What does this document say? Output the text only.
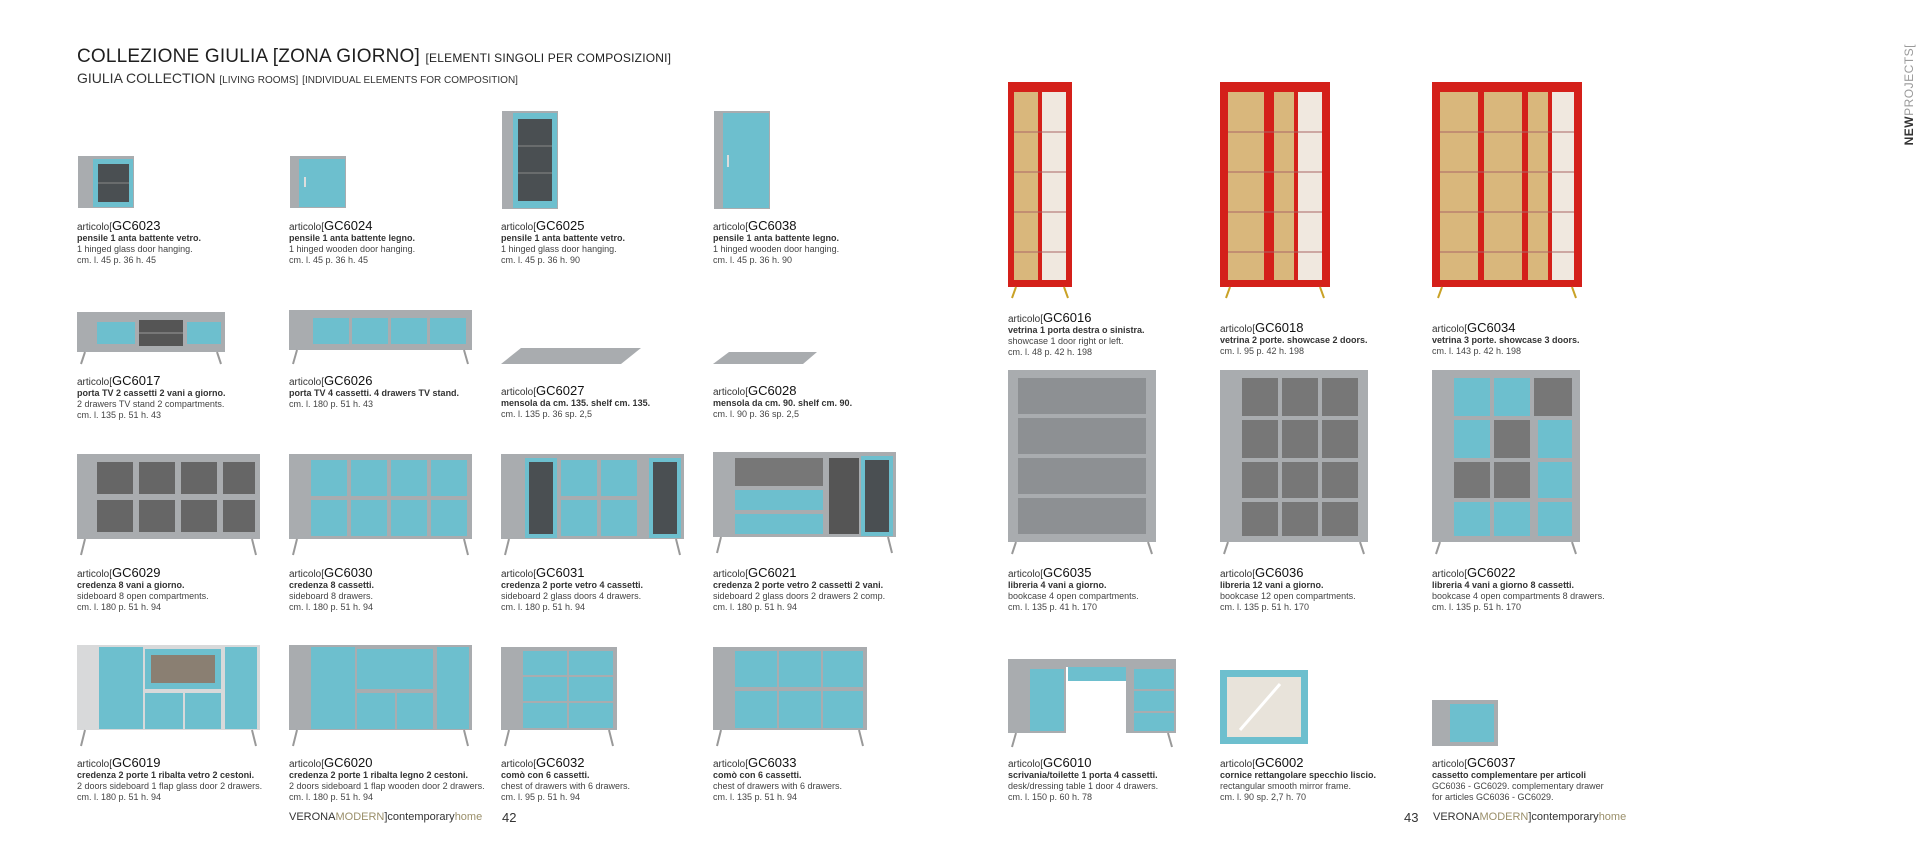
COLLEZIONE GIULIA [ZONA GIORNO] [ELEMENTI SINGOLI PER COMPOSIZIONI]
GIULIA COLLECTION [LIVING ROOMS] [INDIVIDUAL ELEMENTS FOR COMPOSITION]
NEWPROJECTS[
articolo[GC6023
pensile 1 anta battente vetro.
1 hinged glass door hanging.
cm. l. 45 p. 36 h. 45
articolo[GC6024
pensile 1 anta battente legno.
1 hinged wooden door hanging.
cm. l. 45 p. 36 h. 45
articolo[GC6025
pensile 1 anta battente vetro.
1 hinged glass door hanging.
cm. l. 45 p. 36 h. 90
articolo[GC6038
pensile 1 anta battente legno.
1 hinged wooden door hanging.
cm. l. 45 p. 36 h. 90
articolo[GC6017
porta TV 2 cassetti 2 vani a giorno.
2 drawers TV stand 2 compartments.
cm. l. 135 p. 51 h. 43
articolo[GC6026
porta TV 4 cassetti. 4 drawers TV stand.
cm. l. 180 p. 51 h. 43
articolo[GC6027
mensola da cm. 135. shelf cm. 135.
cm. l. 135 p. 36 sp. 2,5
articolo[GC6028
mensola da cm. 90. shelf cm. 90.
cm. l. 90 p. 36 sp. 2,5
articolo[GC6029
credenza 8 vani a giorno.
sideboard 8 open compartments.
cm. l. 180 p. 51 h. 94
articolo[GC6030
credenza 8 cassetti.
sideboard 8 drawers.
cm. l. 180 p. 51 h. 94
articolo[GC6031
credenza 2 porte vetro 4 cassetti.
sideboard 2 glass doors 4 drawers.
cm. l. 180 p. 51 h. 94
articolo[GC6021
credenza 2 porte vetro 2 cassetti 2 vani.
sideboard 2 glass doors 2 drawers 2 comp.
cm. l. 180 p. 51 h. 94
articolo[GC6019
credenza 2 porte 1 ribalta vetro 2 cestoni.
2 doors sideboard 1 flap glass door 2 drawers.
cm. l. 180 p. 51 h. 94
articolo[GC6020
credenza 2 porte 1 ribalta legno 2 cestoni.
2 doors sideboard 1 flap wooden door 2 drawers.
cm. l. 180 p. 51 h. 94
articolo[GC6032
comò con 6 cassetti.
chest of drawers with 6 drawers.
cm. l. 95 p. 51 h. 94
articolo[GC6033
comò con 6 cassetti.
chest of drawers with 6 drawers.
cm. l. 135 p. 51 h. 94
articolo[GC6016
vetrina 1 porta destra o sinistra.
showcase 1 door right or left.
cm. l. 48 p. 42 h. 198
articolo[GC6018
vetrina 2 porte. showcase 2 doors.
cm. l. 95 p. 42 h. 198
articolo[GC6034
vetrina 3 porte. showcase 3 doors.
cm. l. 143 p. 42 h. 198
articolo[GC6035
libreria 4 vani a giorno.
bookcase 4 open compartments.
cm. l. 135 p. 41 h. 170
articolo[GC6036
libreria 12 vani a giorno.
bookcase 12 open compartments.
cm. l. 135 p. 51 h. 170
articolo[GC6022
libreria 4 vani a giorno 8 cassetti.
bookcase 4 open compartments 8 drawers.
cm. l. 135 p. 51 h. 170
articolo[GC6010
scrivania/toilette 1 porta 4 cassetti.
desk/dressing table 1 door 4 drawers.
cm. l. 150 p. 60 h. 78
articolo[GC6002
cornice rettangolare specchio liscio.
rectangular smooth mirror frame.
cm. l. 90 sp. 2,7 h. 70
articolo[GC6037
cassetto complementare per articoli
GC6036 - GC6029. complementary drawer
for articles GC6036 - GC6029.
VERONAMODERN]contemporaryhome 42	43 VERONAMODERN]contemporaryhome
